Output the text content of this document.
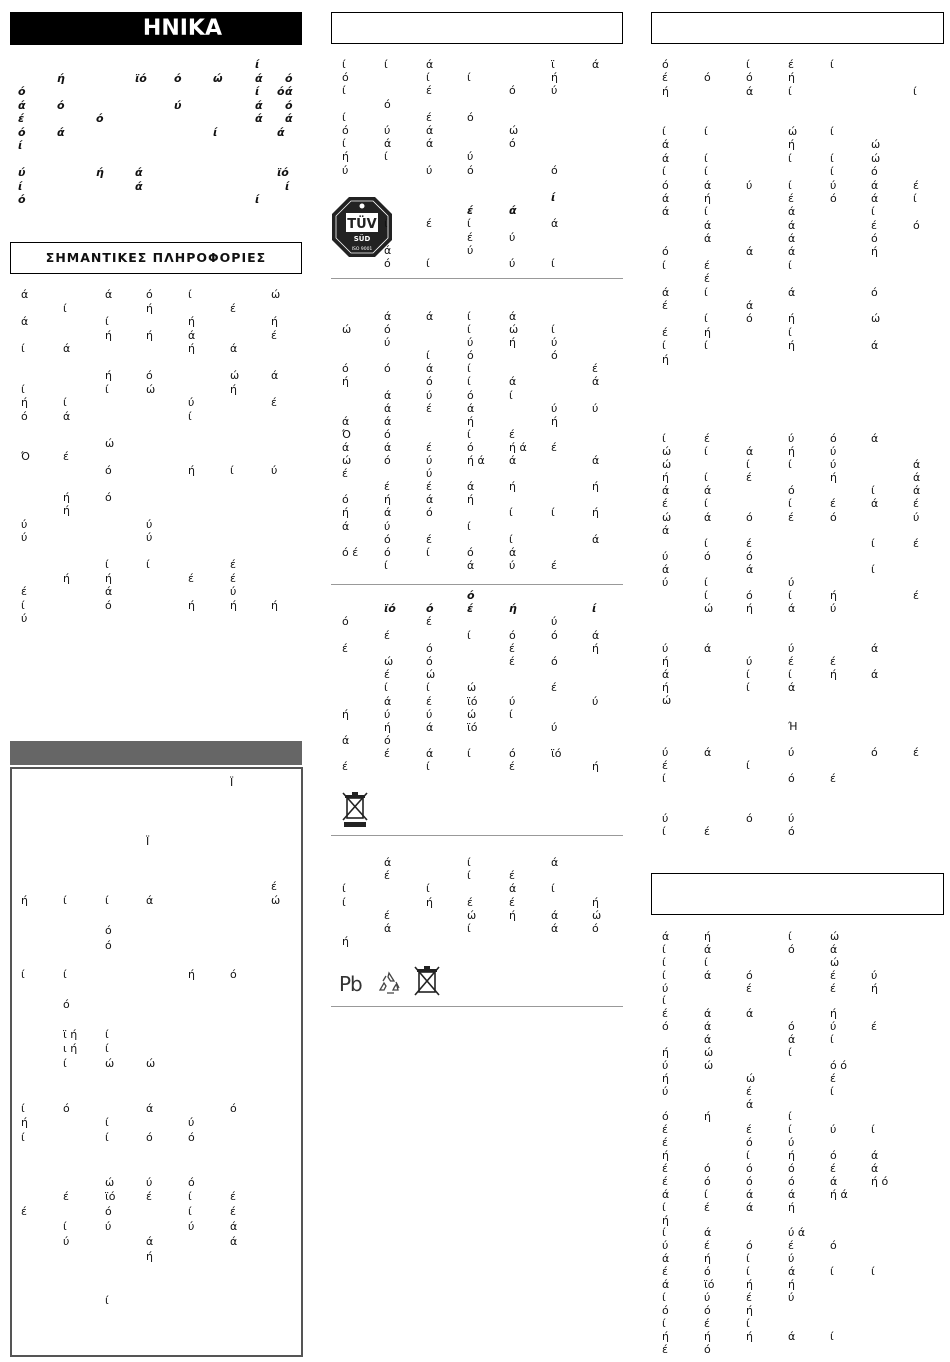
ΗΝΙΚΑ
ί
ή	ϊό ό	ώ	ά ό
ό	ί ό ά
ά	ό	ύ	ά ό
έ	ό	ά ά
ό	ά	ί	ά
ί
ύ	ή	ά	ϊό
ί	ά	ί
ό	ί
ΣΗΜΑΝΤΙΚΕΣ ΠΛΗΡΟΦΟΡΙΕΣ
ά	ά	ό	ί	ώ
ί	ή	έ
ά	ί	ή	ή
ή	ή	ά	έ
ί	ά	ή	ά
ή	ό	ώ	ά
ί	ί	ώ	ή
ή	ί	ύ	έ
ό	ά	ί
ώ
Ό	έ
ό	ή	ί	ύ
ή	ό
ή
ύ	ύ
ύ	ύ
ί	ί	έ
ή	ή	έ	έ
έ	ά	ύ
ί	ό	ή	ή	ή
ύ
Ϊ
Ϊ
έ
ή	ί	ί	ά	ώ
ό
ό
ί	ί	ή	ό
ό
ϊ ή	ί
ι ή	ί
ί	ώ	ώ
ί	ό	ά	ό
ή	ί	ύ
ί	ί	ό	ό
ώ	ύ	ό
έ	ϊό	έ	ί	έ
έ	ό	ί	έ
ί	ύ	ύ	ά
ύ	ά	ά
ή
ί
ί	ί	ά	ϊ	ά
ό	ί	ί	ή
ί	έ	ό	ύ
ό
ί	έ	ό
ό	ύ	ά	ώ
ί	ά	ά	ό
ή	ί	ύ
ύ	ύ	ό	ό
TÜV
SÜD
ISO 9001
ί
έ	ά
ί	έ	ί	ά
έ	ύ
ά	ύ
ό	ί	ύ	ί
ά	ά	ί	ά
ώ	ό	ί	ώ	ί
ύ	ύ	ή	ύ
ί	ό	ό
ό	ό	ά	ί	έ
ή	ό	ί	ά	ά
ά	ύ	ό	ί
ά	έ	ά	ύ	ύ
ά	ά	ή	ή
Ό	ό	ί	έ
ά	ά	έ	ό	ή ά έ
ώ	ό	ύ	ή ά ά	ά
έ	ύ
έ	έ	ά	ή	ή
ό	ή	ά	ή
ή	ά	ό	ί	ί	ή
ά	ύ	ί
ό	έ	ί	ά
ό έ ό	ί	ό	ά
ί	ά	ύ	έ
ό
ϊό	ό	έ	ή	ί
ό	έ	ύ
έ	ί	ό	ό	ά
έ	ό	έ	ή
ώ	ό	έ	ό
έ	ώ
ί	ί	ώ	έ
ά	έ	ϊό	ύ	ύ
ή	ύ	ύ	ώ	ί
ή	ά	ϊό	ύ
ά	ό
έ	ά	ί	ό	ϊό
έ	ί	έ	ή
ά	ί	ά
έ	ί	έ
ί	ί	ά	ί
ί	ή	έ	έ	ή
έ	ώ	ή	ά	ώ
ά	ί	ά	ό
ή
Pb
ό	ί	έ	ί
έ	ό	ό	ή
ή	ά	ί	ί
ί	ί	ώ	ί
ά	ή	ώ
ά	ί	ί	ί	ώ
ί	ί	ί	ό
ό	ά	ύ	ί	ύ	ά	έ
ά	ή	έ	ό	ά	ί
ά	ί	ά	ί
ά	ά	έ	ό
ά	ά	ό
ό	ά	ά	ή
ί	έ	ί
έ
ά	ί	ά	ό
έ	ά
ί	ό	ή	ώ
έ	ή	ί
ί	ί	ή	ά
ή
ί	έ	ύ	ό	ά
ώ	ί	ά	ή	ύ
ώ	ί	ί	ύ	ά
ή	ί	έ	ή	ά
ά	ά	ό	ί	ά
έ	ί	ί	έ	ά	έ
ώ	ά	ό	έ	ό	ύ
ά
ί	έ	ί	έ
ύ	ό	ό
ά	ά	ί
ύ	ί	ύ
ί	ό	ί	ή	έ
ώ	ή	ά	ύ
ύ	ά	ύ	ά
ή	ύ	έ	έ
ά	ί	ί	ή	ά
ή	ί	ά
ώ
Ή
ύ	ά	ύ	ό	έ
έ	ί
ί	ό	έ
ύ	ό	ύ
ί	έ	ό
ά	ή	ί	ώ
ί	ά	ό	ά
ί	ί	ώ
ί	ά	ό	έ	ύ
ύ	έ	έ	ή
ί
έ	ά	ά	ή
ό	ά	ό	ύ	έ
ά	ά	ί
ή	ώ	ί
ύ	ώ	ό ό
ή	ώ	έ
ύ	έ	ί
ά
ό	ή	ί
έ	έ	ί	ύ	ί
έ	ό	ύ
ή	ί	ή	ό	ά
έ	ό	ό	ό	έ	ά
έ	ό	ό	ό	ά	ή ό
ά	ί	ά	ά	ή ά
ί	έ	ά	ή
ή
ί	ά	ύ ά
ύ	έ	ό	έ	ό
ά	ή	ί	ύ
έ	ό	ί	ά	ί	ί
ά	ϊό	ή	ή
ί	ύ	έ	ύ
ό	ό	ή
ί	έ	ί
ή	ή	ή	ά	ί
έ	ό
